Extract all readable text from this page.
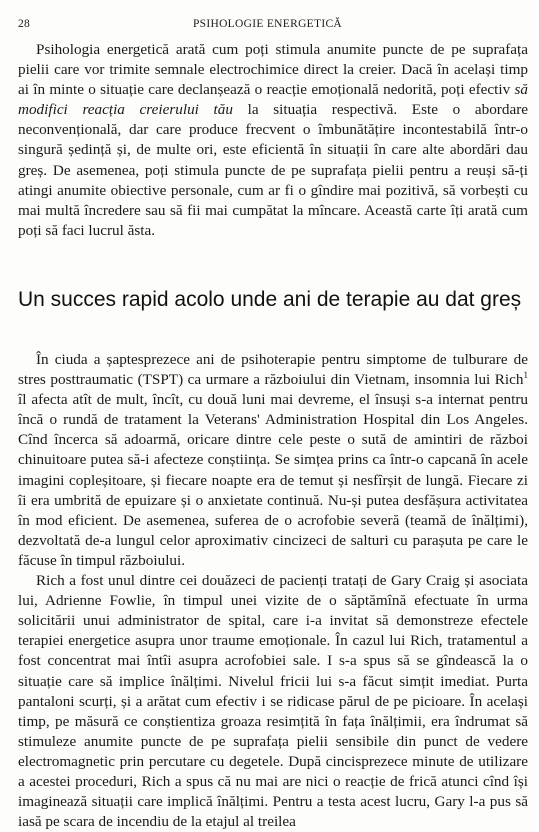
28	PSIHOLOGIE ENERGETICĂ

Psihologia energetică arată cum poți stimula anumite puncte de pe suprafața pielii care vor trimite semnale electrochimice direct la creier. Dacă în același timp ai în minte o situație care declanșează o reacție emoțională nedorită, poți efectiv să modifici reacția creierului tău la situația respectivă. Este o abordare neconvențională, dar care produce frecvent o îmbunătățire incontestabilă într-o singură ședință și, de multe ori, este eficientă în situații în care alte abordări dau greș. De asemenea, poți stimula puncte de pe suprafața pielii pentru a reuși să-ți atingi anumite obiective personale, cum ar fi o gîndire mai pozitivă, să vorbești cu mai multă încredere sau să fii mai cumpătat la mîncare. Această carte îți arată cum poți să faci lucrul ăsta.

Un succes rapid acolo unde ani de terapie au dat greș

În ciuda a șaptesprezece ani de psihoterapie pentru simptome de tulburare de stres posttraumatic (TSPT) ca urmare a războiului din Vietnam, insomnia lui Rich$^1$ îl afecta atît de mult, încît, cu două luni mai devreme, el însuși s-a internat pentru încă o rundă de tratament la Veterans' Administration Hospital din Los Angeles. Cînd încerca să adoarmă, oricare dintre cele peste o sută de amintiri de război chinuitoare putea să-i afecteze conștiința. Se simțea prins ca într-o capcană în acele imagini copleșitoare, și fiecare noapte era de temut și nesfîrșit de lungă. Fiecare zi îi era umbrită de epuizare și o anxietate continuă. Nu-și putea desfășura activitatea în mod eficient. De asemenea, suferea de o acrofobie severă (teamă de înălțimi), dezvoltată de-a lungul celor aproximativ cincizeci de salturi cu parașuta pe care le făcuse în timpul războiului.

Rich a fost unul dintre cei douăzeci de pacienți tratați de Gary Craig și asociata lui, Adrienne Fowlie, în timpul unei vizite de o săptămînă efectuate în urma solicitării unui administrator de spital, care i-a invitat să demonstreze efectele terapiei energetice asupra unor traume emoționale. În cazul lui Rich, tratamentul a fost concentrat mai întîi asupra acrofobiei sale. I s-a spus să se gîndească la o situație care să implice înălțimi. Nivelul fricii lui s-a făcut simțit imediat. Purta pantaloni scurți, și a arătat cum efectiv i se ridicase părul de pe picioare. În același timp, pe măsură ce conștientiza groaza resimțită în fața înălțimii, era îndrumat să stimuleze anumite puncte de pe suprafața pielii sensibile din punct de vedere electromagnetic prin percutare cu degetele. După cincisprezece minute de utilizare a acestei proceduri, Rich a spus că nu mai are nici o reacție de frică atunci cînd își imaginează situații care implică înălțimi. Pentru a testa acest lucru, Gary l-a pus să iasă pe scara de incendiu de la etajul al treilea
